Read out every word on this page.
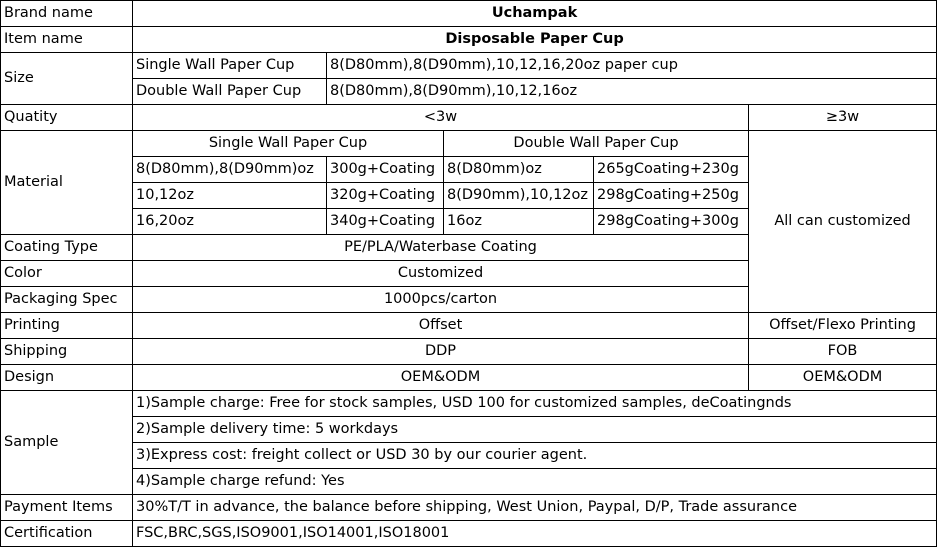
Brand name	Uchampak				
Item name	Disposable Paper Cup				
Size	Single Wall Paper Cup	8(D80mm),8(D90mm),10,12,16,20oz paper cup			
	Double Wall Paper Cup	8(D80mm),8(D90mm),10,12,16oz			
Quatity	<3w				≥3w
Material	Single Wall Paper Cup		Double Wall Paper Cup		All can customized
	8(D80mm),8(D90mm)oz	300g+Coating	8(D80mm)oz	265gCoating+230g	
	10,12oz	320g+Coating	8(D90mm),10,12oz	298gCoating+250g	
	16,20oz	340g+Coating	16oz	298gCoating+300g	
Coating Type	PE/PLA/Waterbase Coating				
Color	Customized				
Packaging Spec	1000pcs/carton				
Printing	Offset				Offset/Flexo Printing
Shipping	DDP				FOB
Design	OEM&ODM				OEM&ODM
Sample	1)Sample charge: Free for stock samples, USD 100 for customized samples, deCoatingnds				
	2)Sample delivery time: 5 workdays				
	3)Express cost: freight collect or USD 30 by our courier agent.				
	4)Sample charge refund: Yes				
Payment Items	30%T/T in advance, the balance before shipping, West Union, Paypal, D/P, Trade assurance				
Certification	FSC,BRC,SGS,ISO9001,ISO14001,ISO18001				
